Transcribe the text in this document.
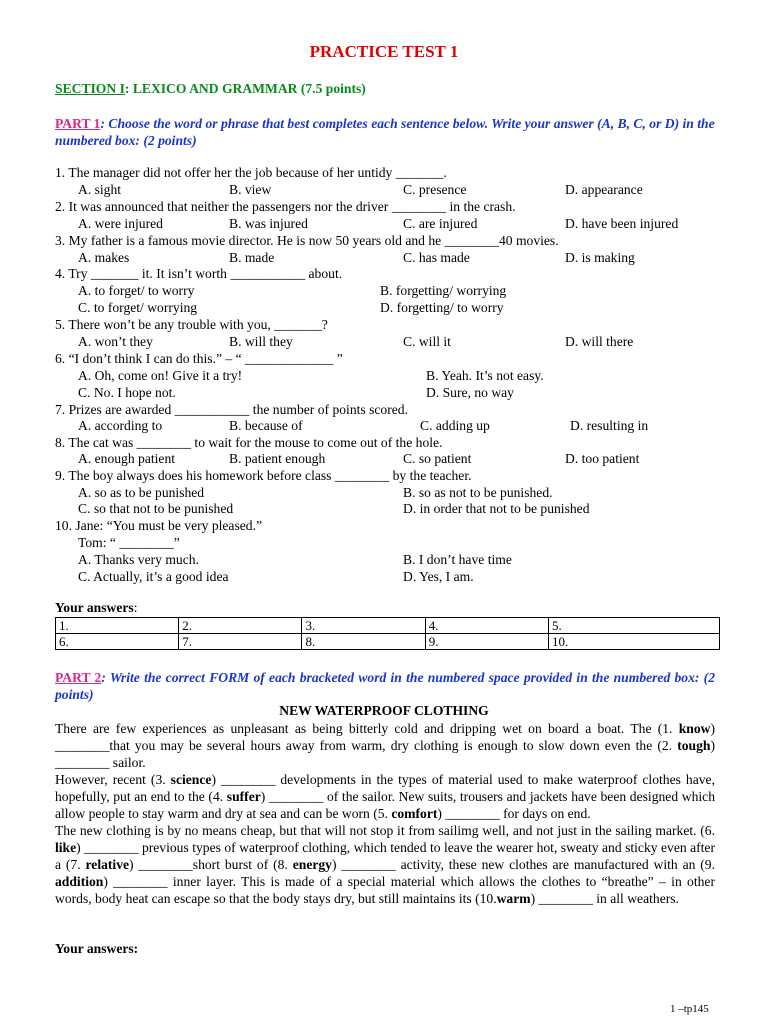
PRACTICE TEST 1
SECTION I: LEXICO AND GRAMMAR (7.5 points)
PART 1: Choose the word or phrase that best completes each sentence below. Write your answer (A, B, C, or D) in the numbered box: (2 points)
1. The manager did not offer her the job because of her untidy _______.
A. sight	B. view	C. presence	D. appearance
2. It was announced that neither the passengers nor the driver ________ in the crash.
A. were injured	B. was injured	C. are injured	D. have been injured
3. My father is a famous movie director. He is now 50 years old and he ________40 movies.
A. makes	B. made	C. has made	D. is making
4. Try _______ it. It isn’t worth ___________ about.
A. to forget/ to worry	B. forgetting/ worrying
C. to forget/ worrying	D. forgetting/ to worry
5. There won’t be any trouble with you, _______?
A. won’t they	B. will they	C. will it	D. will there
6. “I don’t think I can do this.” – “ _____________ ”
A. Oh, come on! Give it a try!	B. Yeah. It’s not easy.
C. No. I hope not.	D. Sure, no way
7. Prizes are awarded ___________ the number of points scored.
A. according to	B. because of	C. adding up	D. resulting in
8. The cat was ________ to wait for the mouse to come out of the hole.
A. enough patient	B. patient enough	C. so patient	D. too patient
9. The boy always does his homework before class ________ by the teacher.
A. so as to be punished	B. so as not to be punished.
C. so that not to be punished	D. in order that not to be punished
10. Jane: “You must be very pleased.”
Tom: “ ________”
A. Thanks very much.	B. I don’t have time
C. Actually, it’s a good idea	D. Yes, I am.
Your answers:
1.	2.	3.	4.	5.
6.	7.	8.	9.	10.
PART 2: Write the correct FORM of each bracketed word in the numbered space provided in the numbered box: (2 points)
NEW WATERPROOF CLOTHING
There are few experiences as unpleasant as being bitterly cold and dripping wet on board a boat. The (1. know) ________that you may be several hours away from warm, dry clothing is enough to slow down even the (2. tough) ________ sailor.
However, recent (3. science) ________ developments in the types of material used to make waterproof clothes have, hopefully, put an end to the (4. suffer) ________ of the sailor. New suits, trousers and jackets have been designed which allow people to stay warm and dry at sea and can be worn (5. comfort) ________ for days on end.
The new clothing is by no means cheap, but that will not stop it from sailimg well, and not just in the sailing market. (6. like) ________ previous types of waterproof clothing, which tended to leave the wearer hot, sweaty and sticky even after a (7. relative) ________short burst of (8. energy) ________ activity, these new clothes are manufactured with an (9. addition) ________ inner layer. This is made of a special material which allows the clothes to “breathe” – in other words, body heat can escape so that the body stays dry, but still maintains its (10.warm) ________ in all weathers.
Your answers:
1 –tp145
